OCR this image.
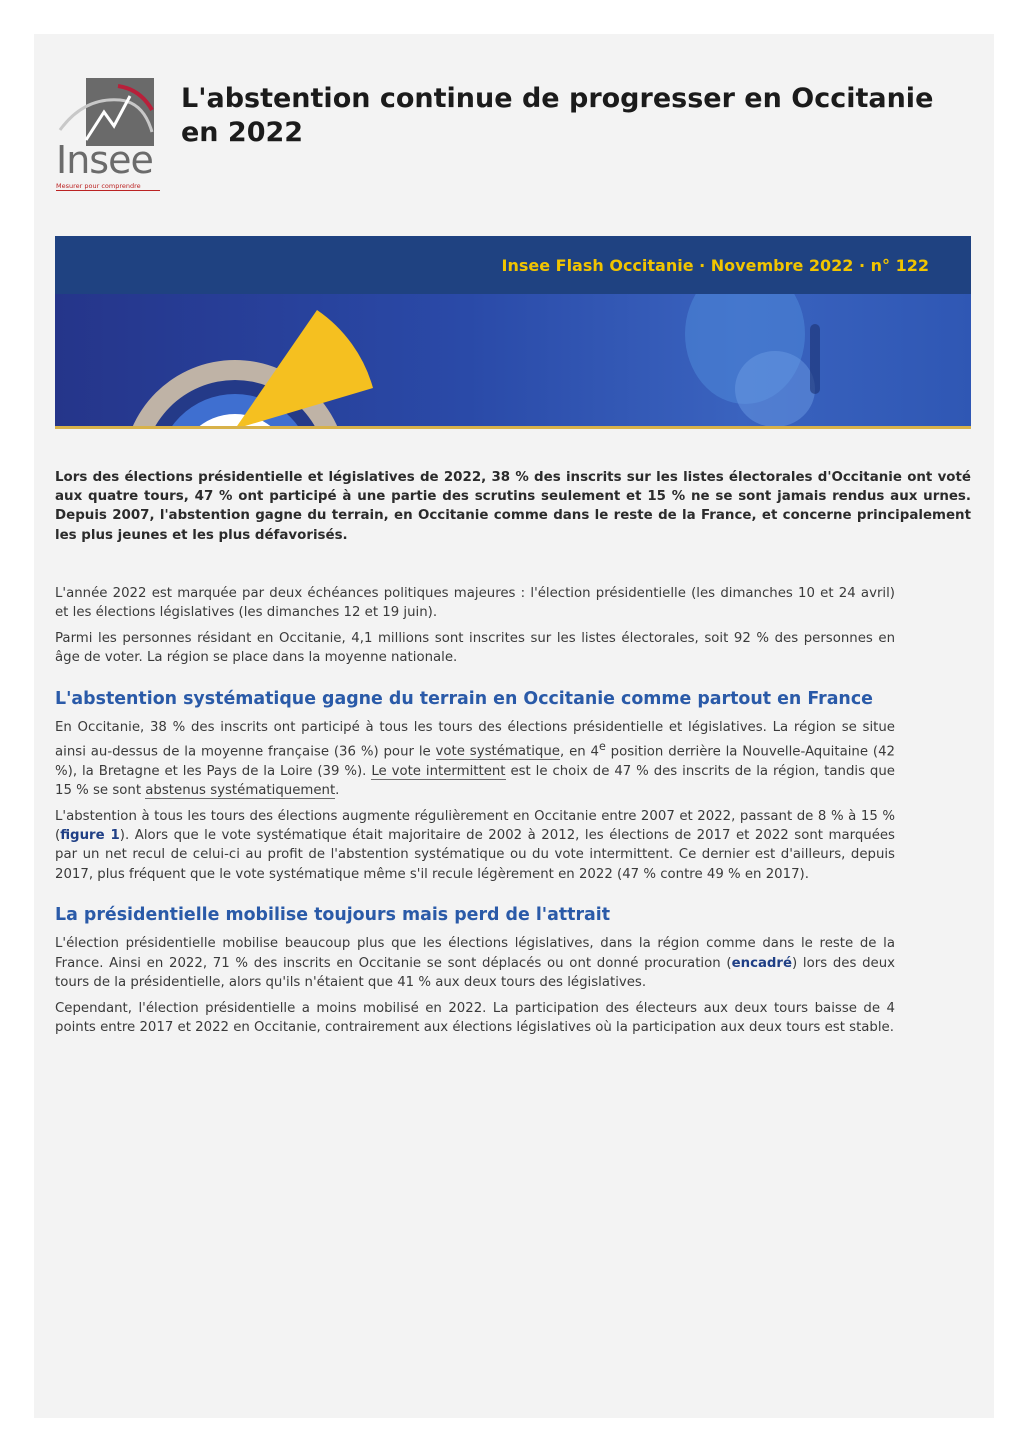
Insee
Mesurer pour comprendre
L'abstention continue de progresser en Occitanie en 2022
Insee Flash Occitanie · Novembre 2022 · n° 122

Lors des élections présidentielle et législatives de 2022, 38 % des inscrits sur les listes électorales d'Occitanie ont voté aux quatre tours, 47 % ont participé à une partie des scrutins seulement et 15 % ne se sont jamais rendus aux urnes. Depuis 2007, l'abstention gagne du terrain, en Occitanie comme dans le reste de la France, et concerne principalement les plus jeunes et les plus défavorisés.

L'année 2022 est marquée par deux échéances politiques majeures : l'élection présidentielle (les dimanches 10 et 24 avril) et les élections législatives (les dimanches 12 et 19 juin).

Parmi les personnes résidant en Occitanie, 4,1 millions sont inscrites sur les listes électorales, soit 92 % des personnes en âge de voter. La région se place dans la moyenne nationale.

L'abstention systématique gagne du terrain en Occitanie comme partout en France

En Occitanie, 38 % des inscrits ont participé à tous les tours des élections présidentielle et législatives. La région se situe ainsi au-dessus de la moyenne française (36 %) pour le vote systématique, en 4e position derrière la Nouvelle-Aquitaine (42 %), la Bretagne et les Pays de la Loire (39 %). Le vote intermittent est le choix de 47 % des inscrits de la région, tandis que 15 % se sont abstenus systématiquement.

L'abstention à tous les tours des élections augmente régulièrement en Occitanie entre 2007 et 2022, passant de 8 % à 15 % (figure 1). Alors que le vote systématique était majoritaire de 2002 à 2012, les élections de 2017 et 2022 sont marquées par un net recul de celui-ci au profit de l'abstention systématique ou du vote intermittent. Ce dernier est d'ailleurs, depuis 2017, plus fréquent que le vote systématique même s'il recule légèrement en 2022 (47 % contre 49 % en 2017).

La présidentielle mobilise toujours mais perd de l'attrait

L'élection présidentielle mobilise beaucoup plus que les élections législatives, dans la région comme dans le reste de la France. Ainsi en 2022, 71 % des inscrits en Occitanie se sont déplacés ou ont donné procuration (encadré) lors des deux tours de la présidentielle, alors qu'ils n'étaient que 41 % aux deux tours des législatives.

Cependant, l'élection présidentielle a moins mobilisé en 2022. La participation des électeurs aux deux tours baisse de 4 points entre 2017 et 2022 en Occitanie, contrairement aux élections législatives où la participation aux deux tours est stable.
